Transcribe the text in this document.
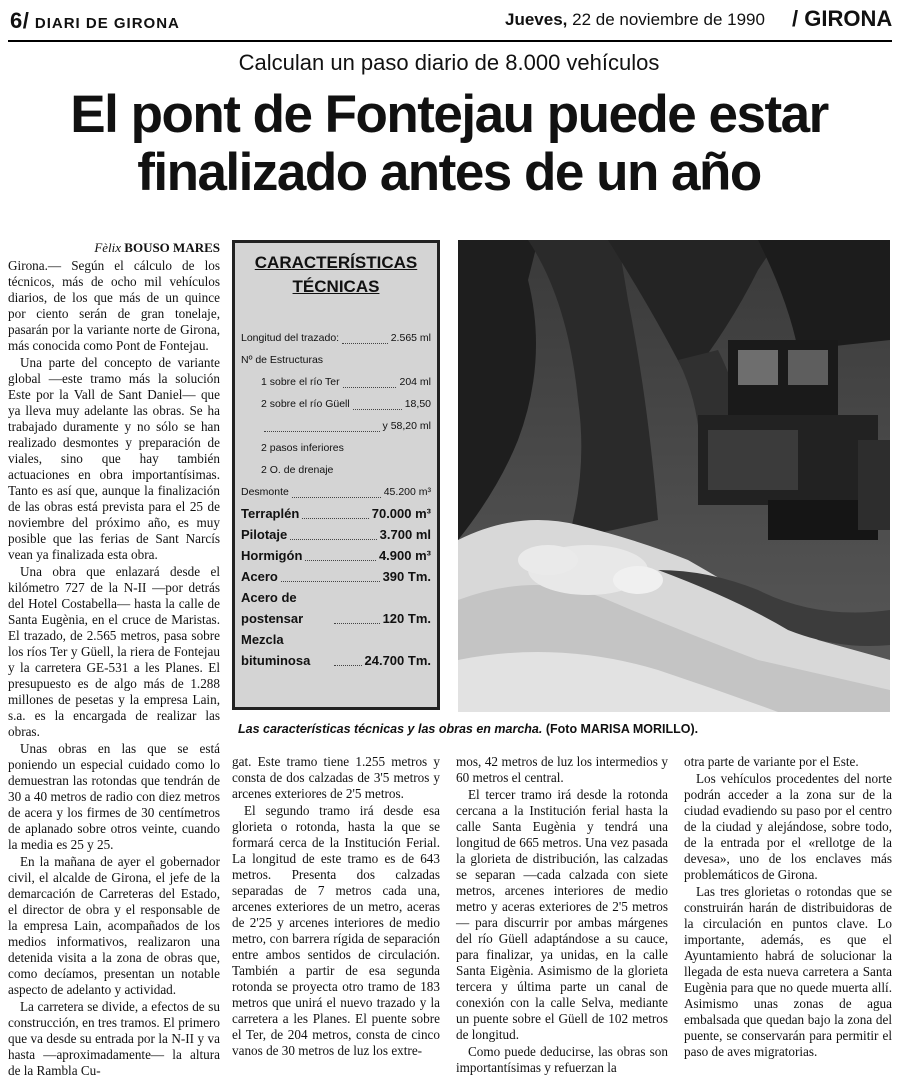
6/ DIARI DE GIRONA	Jueves, 22 de noviembre de 1990 / GIRONA
Calculan un paso diario de 8.000 vehículos
El pont de Fontejau puede estar
finalizado antes de un año
Fèlix BOUSO MARES

Girona.— Según el cálculo de los técnicos, más de ocho mil vehículos diarios, de los que más de un quince por ciento serán de gran tonelaje, pasarán por la variante norte de Girona, más conocida como Pont de Fontejau.

Una parte del concepto de variante global —este tramo más la solución Este por la Vall de Sant Daniel— que ya lleva muy adelante las obras. Se ha trabajado duramente y no sólo se han realizado desmontes y preparación de viales, sino que hay también actuaciones en obra importantísimas. Tanto es así que, aunque la finalización de las obras está prevista para el 25 de noviembre del próximo año, es muy posible que las ferias de Sant Narcís vean ya finalizada esta obra.

Una obra que enlazará desde el kilómetro 727 de la N-II —por detrás del Hotel Costabella— hasta la calle de Santa Eugènia, en el cruce de Maristas. El trazado, de 2.565 metros, pasa sobre los ríos Ter y Güell, la riera de Fontejau y la carretera GE-531 a les Planes. El presupuesto es de algo más de 1.288 millones de pesetas y la empresa Lain, s.a. es la encargada de realizar las obras.

Unas obras en las que se está poniendo un especial cuidado como lo demuestran las rotondas que tendrán de 30 a 40 metros de radio con diez metros de acera y los firmes de 30 centímetros de aplanado sobre otros veinte, cuando la media es 25 y 25.

En la mañana de ayer el gobernador civil, el alcalde de Girona, el jefe de la demarcación de Carreteras del Estado, el director de obra y el responsable de la empresa Lain, acompañados de los medios informativos, realizaron una detenida visita a la zona de obras que, como decíamos, presentan un notable aspecto de adelanto y actividad.

La carretera se divide, a efectos de su construcción, en tres tramos. El primero que va desde su entrada por la N-II y va hasta —aproximadamente— la altura de la Rambla Cu-

CARACTERÍSTICAS
TÉCNICAS
Longitud del trazado:	2.565 ml
Nº de Estructuras
1 sobre el río Ter	204 ml
2 sobre el río Güell	18,50
y 58,20 ml
2 pasos inferiores
2 O. de drenaje
Desmonte	45.200 m³
Terraplén	70.000 m³
Pilotaje	3.700 ml
Hormigón	4.900 m³
Acero	390 Tm.
Acero de postensar	120 Tm.
Mezcla bituminosa	24.700 Tm.
Las características técnicas y las obras en marcha. (Foto MARISA MORILLO).

gat. Este tramo tiene 1.255 metros y consta de dos calzadas de 3'5 metros y arcenes exteriores de 2'5 metros.

El segundo tramo irá desde esa glorieta o rotonda, hasta la que se formará cerca de la Institución Ferial. La longitud de este tramo es de 643 metros. Presenta dos calzadas separadas de 7 metros cada una, arcenes exteriores de un metro, aceras de 2'25 y arcenes interiores de medio metro, con barrera rígida de separación entre ambos sentidos de circulación. También a partir de esa segunda rotonda se proyecta otro tramo de 183 metros que unirá el nuevo trazado y la carretera a les Planes. El puente sobre el Ter, de 204 metros, consta de cinco vanos de 30 metros de luz los extre-

mos, 42 metros de luz los intermedios y 60 metros el central.

El tercer tramo irá desde la rotonda cercana a la Institución ferial hasta la calle Santa Eugènia y tendrá una longitud de 665 metros. Una vez pasada la glorieta de distribución, las calzadas se separan —cada calzada con siete metros, arcenes interiores de medio metro y aceras exteriores de 2'5 metros— para discurrir por ambas márgenes del río Güell adaptándose a su cauce, para finalizar, ya unidas, en la calle Santa Eigènia. Asimismo de la glorieta tercera y última parte un canal de conexión con la calle Selva, mediante un puente sobre el Güell de 102 metros de longitud.

Como puede deducirse, las obras son importantísimas y refuerzan la

otra parte de variante por el Este.

Los vehículos procedentes del norte podrán acceder a la zona sur de la ciudad evadiendo su paso por el centro de la ciudad y alejándose, sobre todo, de la entrada por el «rellotge de la devesa», uno de los enclaves más problemáticos de Girona.

Las tres glorietas o rotondas que se construirán harán de distribuidoras de la circulación en puntos clave. Lo importante, además, es que el Ayuntamiento habrá de solucionar la llegada de esta nueva carretera a Santa Eugènia para que no quede muerta allí. Asimismo unas zonas de agua embalsada que quedan bajo la zona del puente, se conservarán para permitir el paso de aves migratorias.
